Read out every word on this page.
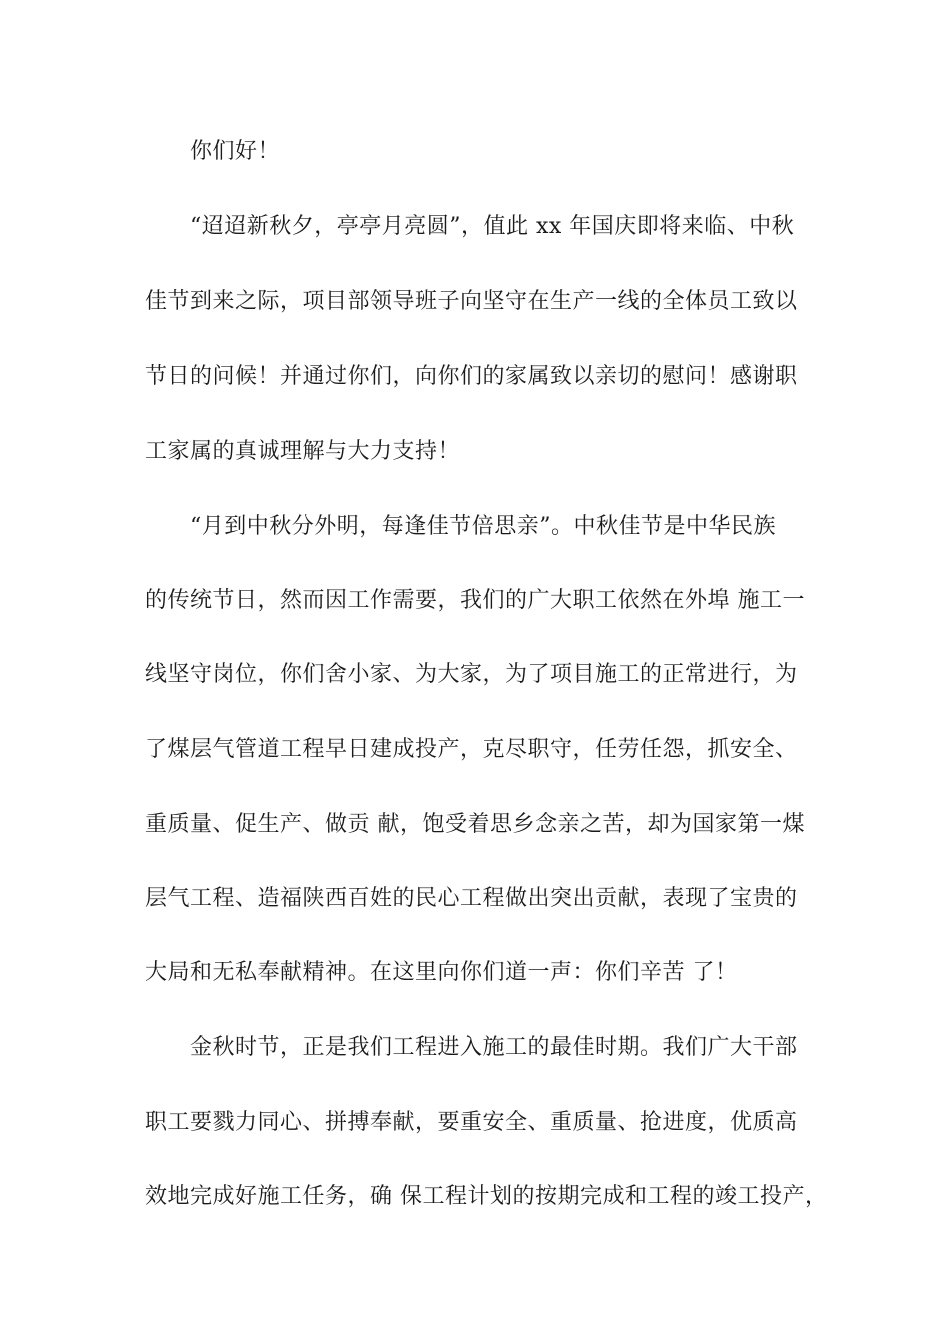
你们好！
“迢迢新秋夕，亭亭月亮圆”，值此 xx 年国庆即将来临、中秋
佳节到来之际，项目部领导班子向坚守在生产一线的全体员工致以
节日的问候！并通过你们，向你们的家属致以亲切的慰问！感谢职
工家属的真诚理解与大力支持！
“月到中秋分外明，每逢佳节倍思亲”。中秋佳节是中华民族
的传统节日，然而因工作需要，我们的广大职工依然在外埠 施工一
线坚守岗位，你们舍小家、为大家，为了项目施工的正常进行，为
了煤层气管道工程早日建成投产，克尽职守，任劳任怨，抓安全、
重质量、促生产、做贡 献，饱受着思乡念亲之苦，却为国家第一煤
层气工程、造福陕西百姓的民心工程做出突出贡献，表现了宝贵的
大局和无私奉献精神。在这里向你们道一声：你们辛苦 了！
金秋时节，正是我们工程进入施工的最佳时期。我们广大干部
职工要戮力同心、拼搏奉献，要重安全、重质量、抢进度，优质高
效地完成好施工任务，确 保工程计划的按期完成和工程的竣工投产，
